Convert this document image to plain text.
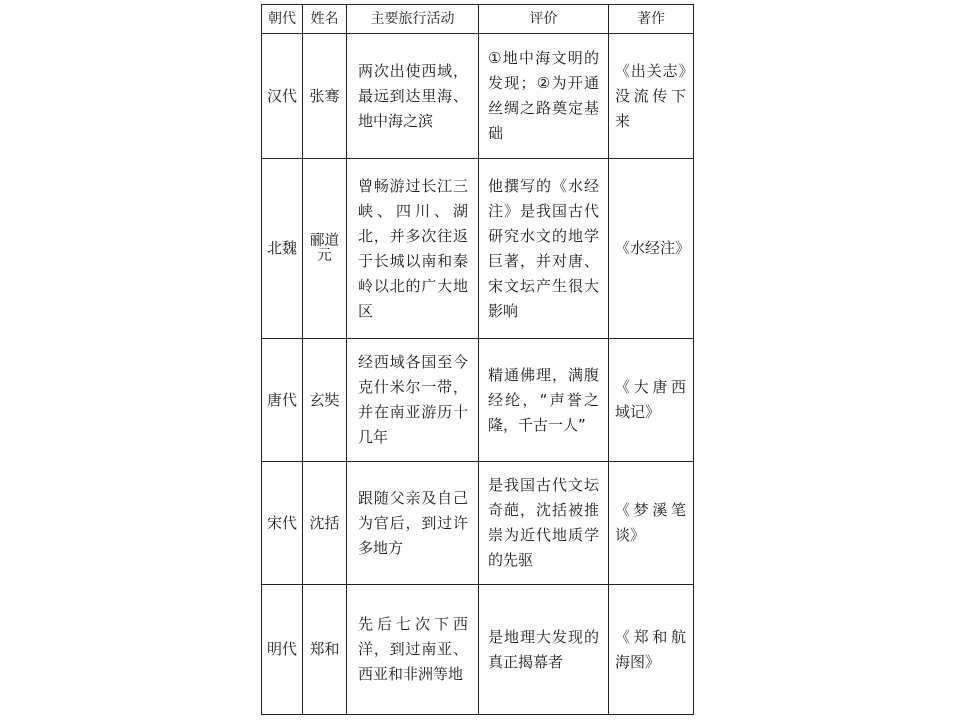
朝代	姓名	主要旅行活动	评价	著作
汉代	张骞	两次出使西域，最远到达里海、地中海之滨	①地中海文明的发现；②为开通丝绸之路奠定基础	《出关志》没流传下来

北魏	郦道元	曾畅游过长江三峡、四川、湖北，并多次往返于长城以南和秦岭以北的广大地区	他撰写的《水经注》是我国古代研究水文的地学巨著，并对唐、宋文坛产生很大影响	《水经注》

唐代	玄奘	经西域各国至今克什米尔一带，并在南亚游历十几年	精通佛理，满腹经纶，“声誉之隆，千古一人”	《大唐西域记》

宋代	沈括	跟随父亲及自己为官后，到过许多地方	是我国古代文坛奇葩，沈括被推崇为近代地质学的先驱	《梦溪笔谈》

明代	郑和	先后七次下西洋，到过南亚、西亚和非洲等地	是地理大发现的真正揭幕者	《郑和航海图》
